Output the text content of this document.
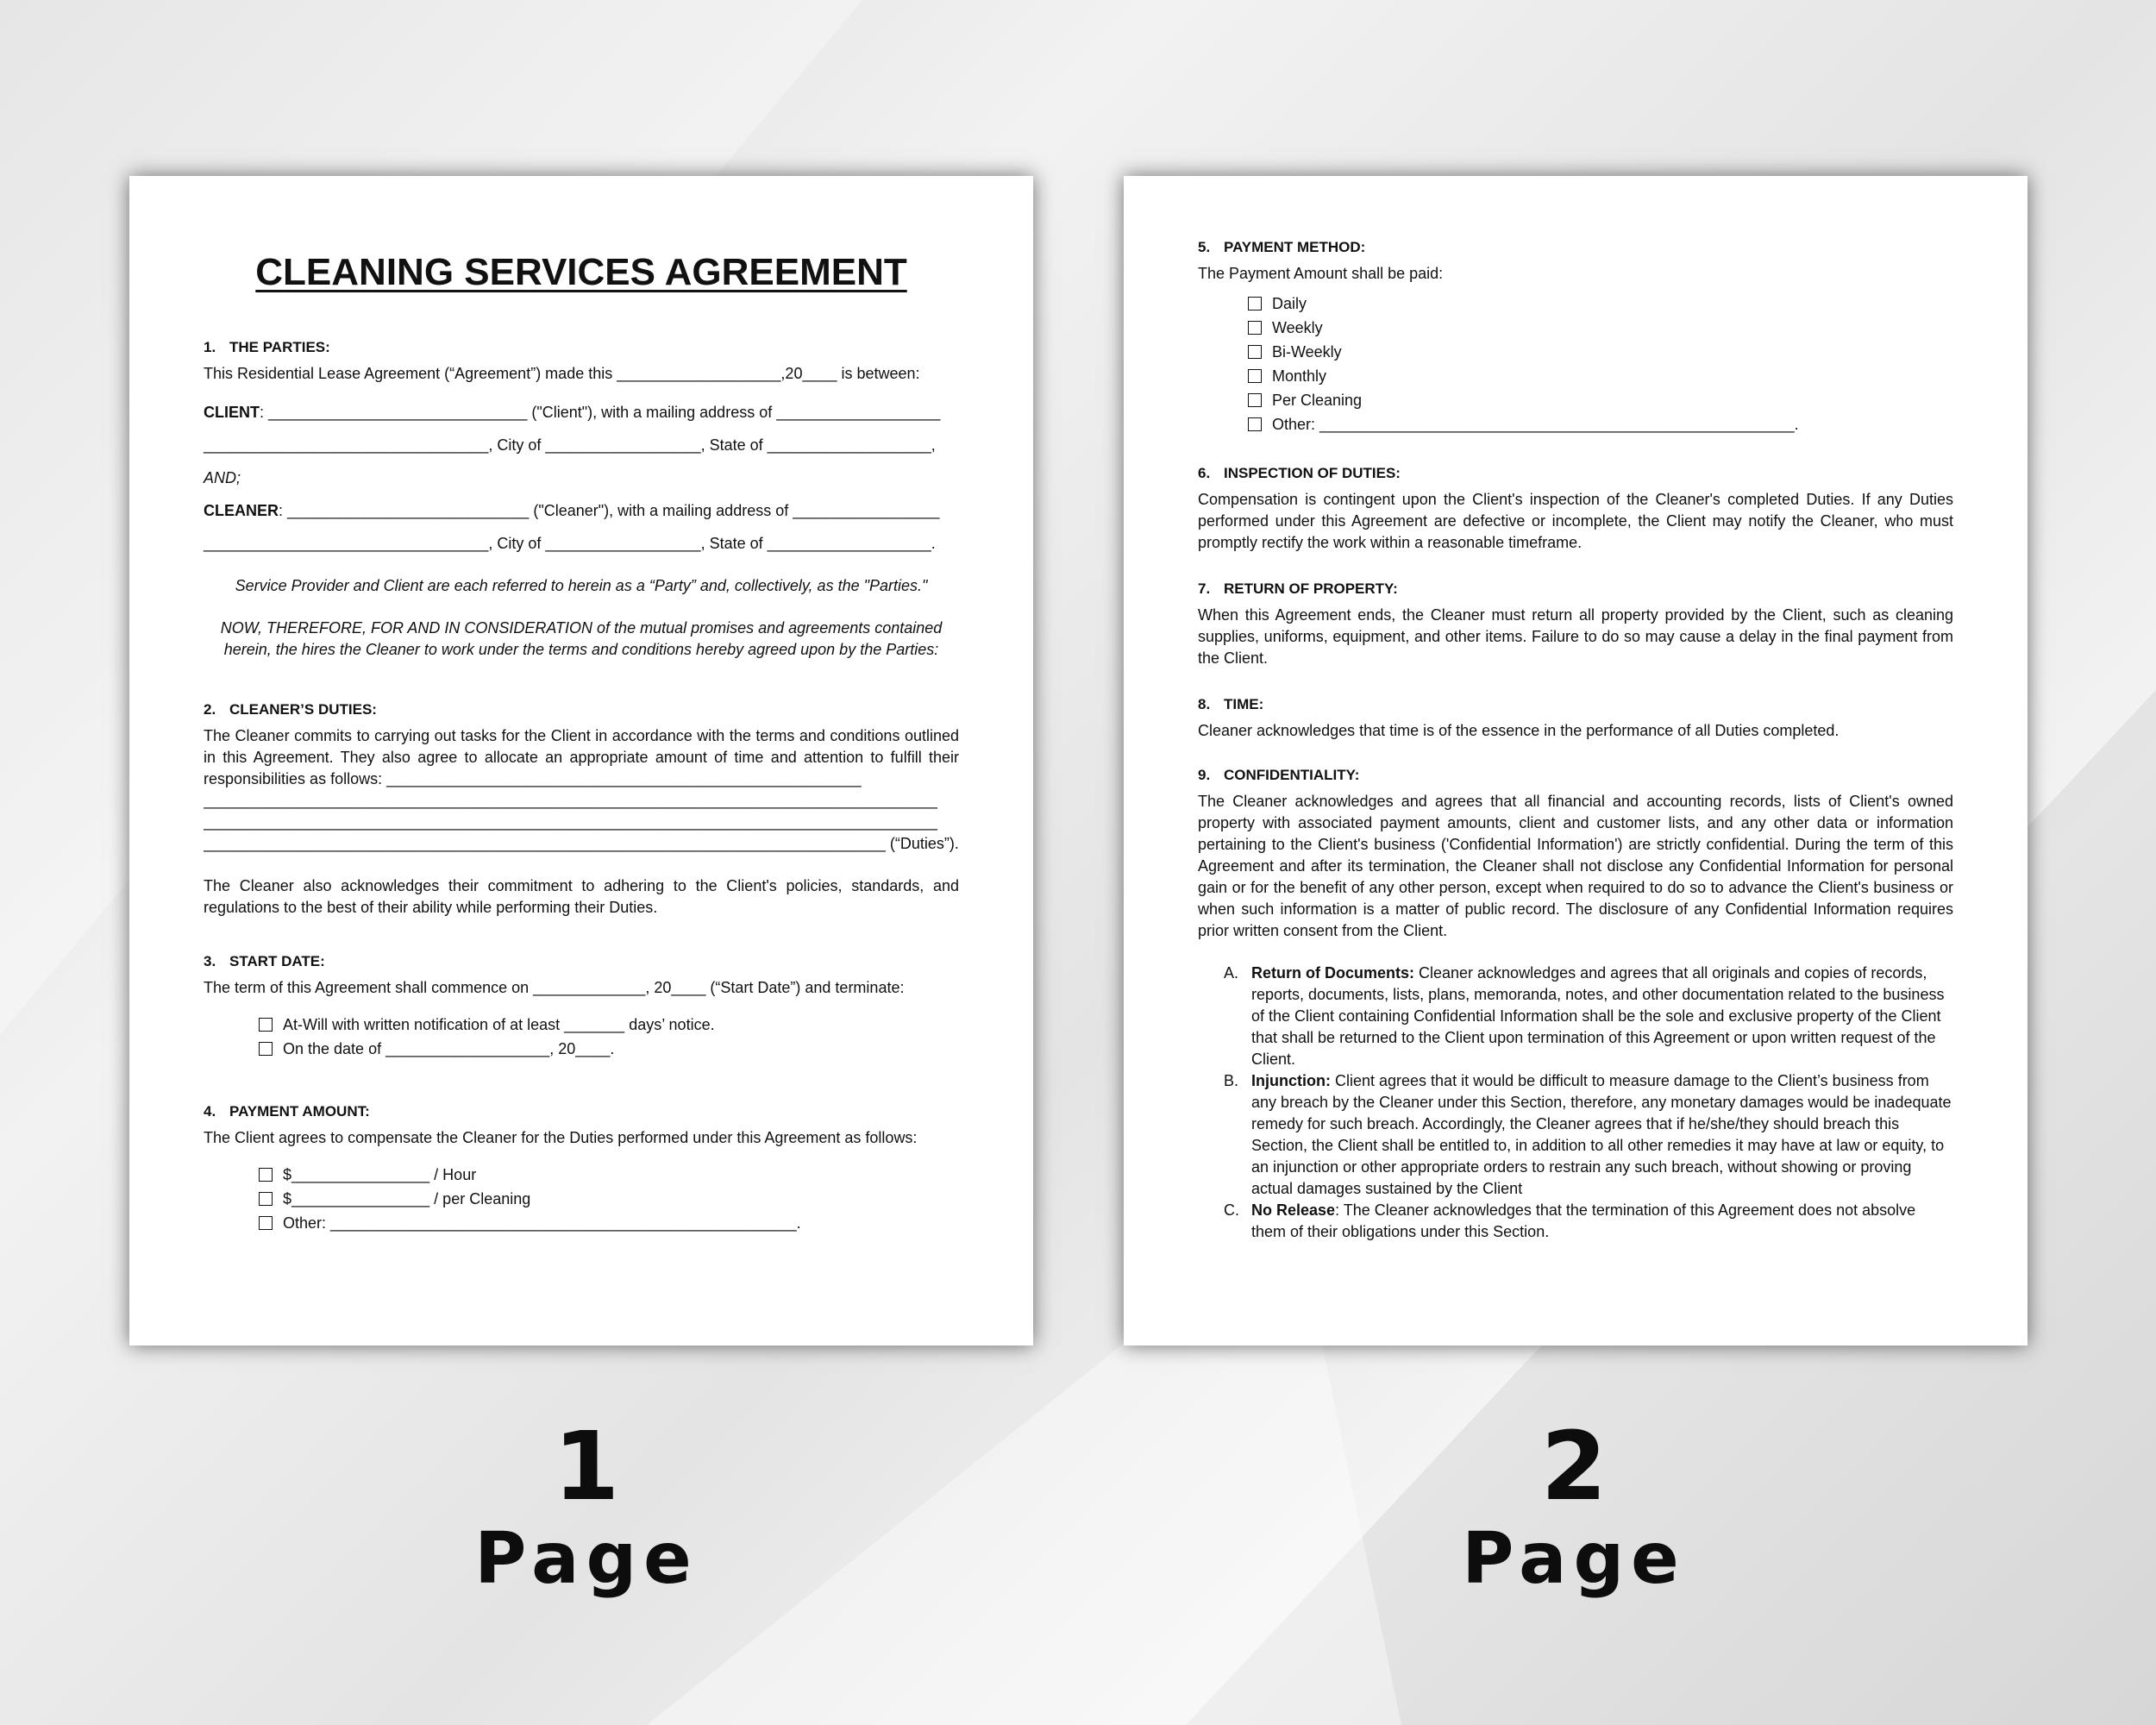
CLEANING SERVICES AGREEMENT
1. THE PARTIES:
This Residential Lease Agreement (“Agreement”) made this ___________________,20____ is between:
CLIENT: ______________________________ ("Client"), with a mailing address of ___________________
_________________________________, City of __________________, State of ___________________,
AND;
CLEANER: ____________________________ ("Cleaner"), with a mailing address of _________________
_________________________________, City of __________________, State of ___________________.
Service Provider and Client are each referred to herein as a “Party” and, collectively, as the "Parties."
NOW, THEREFORE, FOR AND IN CONSIDERATION of the mutual promises and agreements contained herein, the hires the Cleaner to work under the terms and conditions hereby agreed upon by the Parties:
2. CLEANER’S DUTIES:
The Cleaner commits to carrying out tasks for the Client in accordance with the terms and conditions outlined in this Agreement. They also agree to allocate an appropriate amount of time and attention to fulfill their responsibilities as follows: _______________________________________________________
_____________________________________________________________________________________
_____________________________________________________________________________________
_______________________________________________________________________________ (“Duties”).
The Cleaner also acknowledges their commitment to adhering to the Client's policies, standards, and regulations to the best of their ability while performing their Duties.
3. START DATE:
The term of this Agreement shall commence on _____________, 20____ (“Start Date”) and terminate:
At-Will with written notification of at least _______ days’ notice.
On the date of ___________________, 20____.
4. PAYMENT AMOUNT:
The Client agrees to compensate the Cleaner for the Duties performed under this Agreement as follows:
$________________ / Hour
$________________ / per Cleaning
Other: ______________________________________________________.
5. PAYMENT METHOD:
The Payment Amount shall be paid:
Daily
Weekly
Bi-Weekly
Monthly
Per Cleaning
Other: _______________________________________________________.
6. INSPECTION OF DUTIES:
Compensation is contingent upon the Client's inspection of the Cleaner's completed Duties. If any Duties performed under this Agreement are defective or incomplete, the Client may notify the Cleaner, who must promptly rectify the work within a reasonable timeframe.
7. RETURN OF PROPERTY:
When this Agreement ends, the Cleaner must return all property provided by the Client, such as cleaning supplies, uniforms, equipment, and other items. Failure to do so may cause a delay in the final payment from the Client.
8. TIME:
Cleaner acknowledges that time is of the essence in the performance of all Duties completed.
9. CONFIDENTIALITY:
The Cleaner acknowledges and agrees that all financial and accounting records, lists of Client's owned property with associated payment amounts, client and customer lists, and any other data or information pertaining to the Client's business ('Confidential Information') are strictly confidential. During the term of this Agreement and after its termination, the Cleaner shall not disclose any Confidential Information for personal gain or for the benefit of any other person, except when required to do so to advance the Client's business or when such information is a matter of public record. The disclosure of any Confidential Information requires prior written consent from the Client.
A. Return of Documents: Cleaner acknowledges and agrees that all originals and copies of records, reports, documents, lists, plans, memoranda, notes, and other documentation related to the business of the Client containing Confidential Information shall be the sole and exclusive property of the Client that shall be returned to the Client upon termination of this Agreement or upon written request of the Client.
B. Injunction: Client agrees that it would be difficult to measure damage to the Client’s business from any breach by the Cleaner under this Section, therefore, any monetary damages would be inadequate remedy for such breach. Accordingly, the Cleaner agrees that if he/she/they should breach this Section, the Client shall be entitled to, in addition to all other remedies it may have at law or equity, to an injunction or other appropriate orders to restrain any such breach, without showing or proving actual damages sustained by the Client
C. No Release: The Cleaner acknowledges that the termination of this Agreement does not absolve them of their obligations under this Section.
1
Page
2
Page
